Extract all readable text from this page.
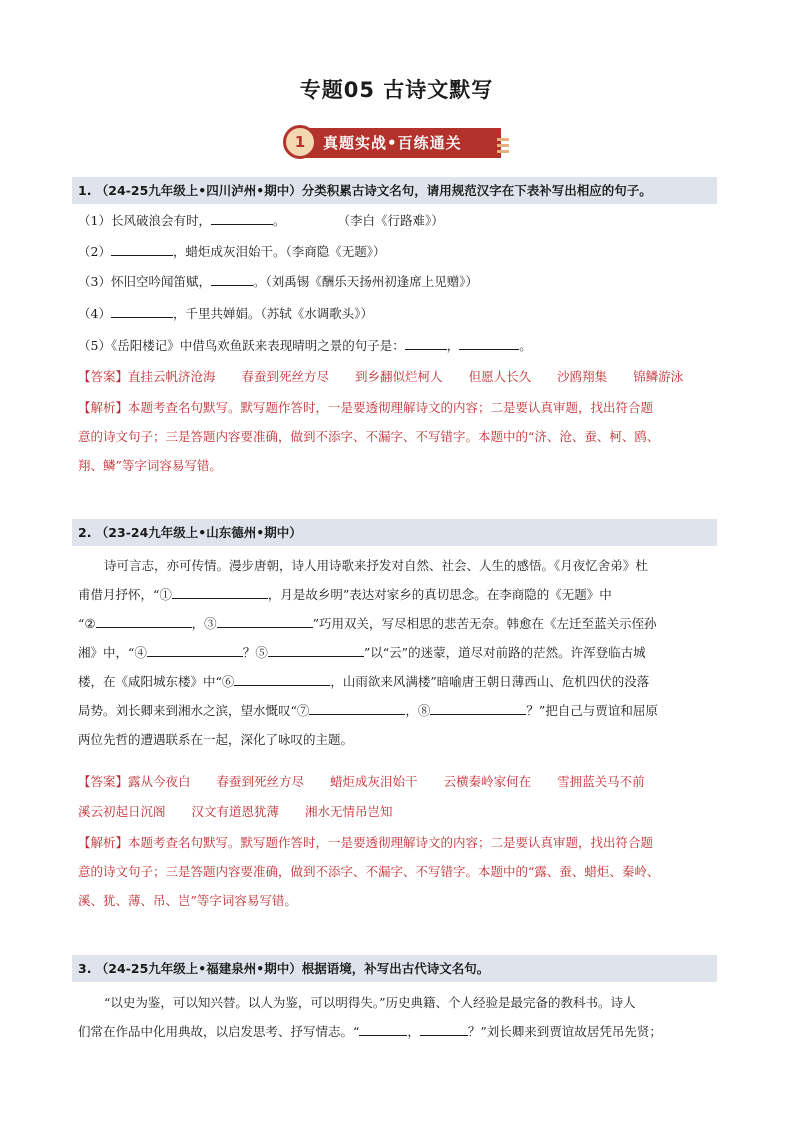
专题05 古诗文默写
1	真题实战•百练通关
1. （24-25九年级上•四川泸州•期中）分类积累古诗文名句，请用规范汉字在下表补写出相应的句子。
（1）长风破浪会有时，	。	（李白《行路难》）
（2）	，蜡炬成灰泪始干。（李商隐《无题》）
（3）怀旧空吟闻笛赋，	。（刘禹锡《酬乐天扬州初逢席上见赠》）
（4）	，千里共婵娟。（苏轼《水调歌头》）
（5）《岳阳楼记》中借鸟欢鱼跃来表现晴明之景的句子是：	，	。
【答案】直挂云帆济沧海 春蚕到死丝方尽 到乡翻似烂柯人 但愿人长久 沙鸥翔集 锦鳞游泳
【解析】本题考查名句默写。默写题作答时，一是要透彻理解诗文的内容；二是要认真审题，找出符合题
意的诗文句子；三是答题内容要准确，做到不添字、不漏字、不写错字。本题中的“济、沧、蚕、柯、鸥、
翔、鳞”等字词容易写错。
2. （23-24九年级上•山东德州•期中）
诗可言志，亦可传情。漫步唐朝，诗人用诗歌来抒发对自然、社会、人生的感悟。《月夜忆舍弟》杜
甫借月抒怀，“①	，月是故乡明”表达对家乡的真切思念。在李商隐的《无题》中
“②	，③	”巧用双关，写尽相思的悲苦无奈。韩愈在《左迁至蓝关示侄孙
湘》中，“④	？⑤	”以“云”的迷蒙，道尽对前路的茫然。许浑登临古城
楼，在《咸阳城东楼》中“⑥	，山雨欲来风满楼”暗喻唐王朝日薄西山、危机四伏的没落
局势。刘长卿来到湘水之滨，望水慨叹“⑦	，⑧	？”把自己与贾谊和屈原
两位先哲的遭遇联系在一起，深化了咏叹的主题。
【答案】露从今夜白 春蚕到死丝方尽 蜡炬成灰泪始干 云横秦岭家何在 雪拥蓝关马不前
溪云初起日沉阁 汉文有道恩犹薄 湘水无情吊岂知
【解析】本题考查名句默写。默写题作答时，一是要透彻理解诗文的内容；二是要认真审题，找出符合题
意的诗文句子；三是答题内容要准确，做到不添字、不漏字、不写错字。本题中的“露、蚕、蜡炬、秦岭、
溪、犹、薄、吊、岂”等字词容易写错。
3. （24-25九年级上•福建泉州•期中）根据语境，补写出古代诗文名句。
“以史为鉴，可以知兴替。以人为鉴，可以明得失。”历史典籍、个人经验是最完备的教科书。诗人
们常在作品中化用典故，以启发思考、抒写情志。“	，	？”刘长卿来到贾谊故居凭吊先贤；
